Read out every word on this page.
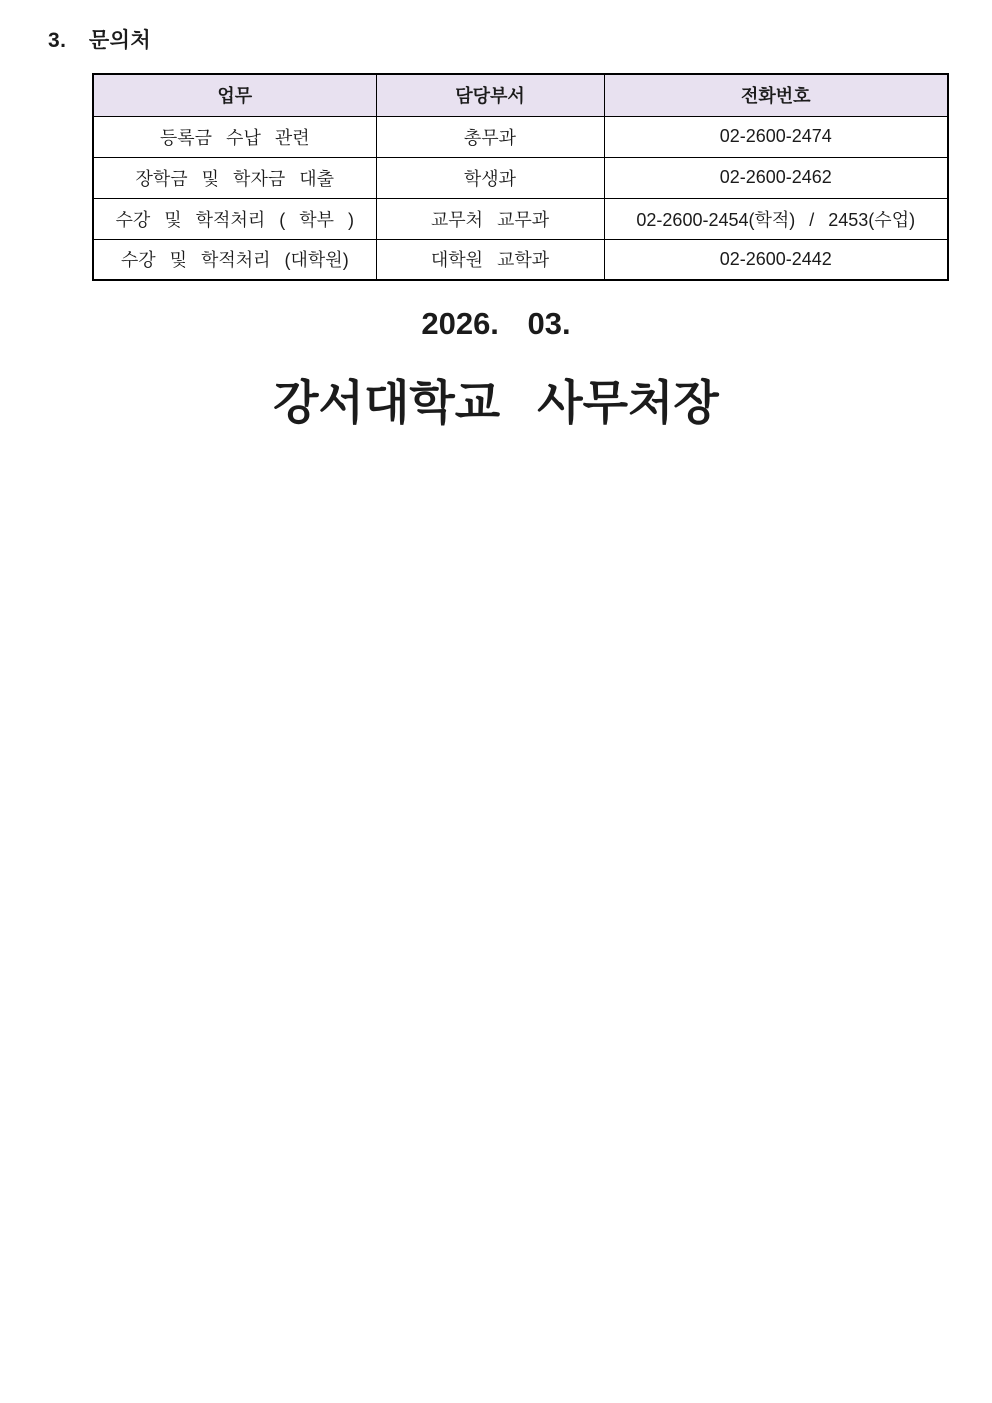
3. 문의처
업무	담당부서	전화번호
등록금 수납 관련	총무과	02-2600-2474
장학금 및 학자금 대출	학생과	02-2600-2462
수강 및 학적처리 ( 학부 )	교무처 교무과	02-2600-2454(학적) / 2453(수업)
수강 및 학적처리 (대학원)	대학원 교학과	02-2600-2442
2026. 03.
강서대학교 사무처장
